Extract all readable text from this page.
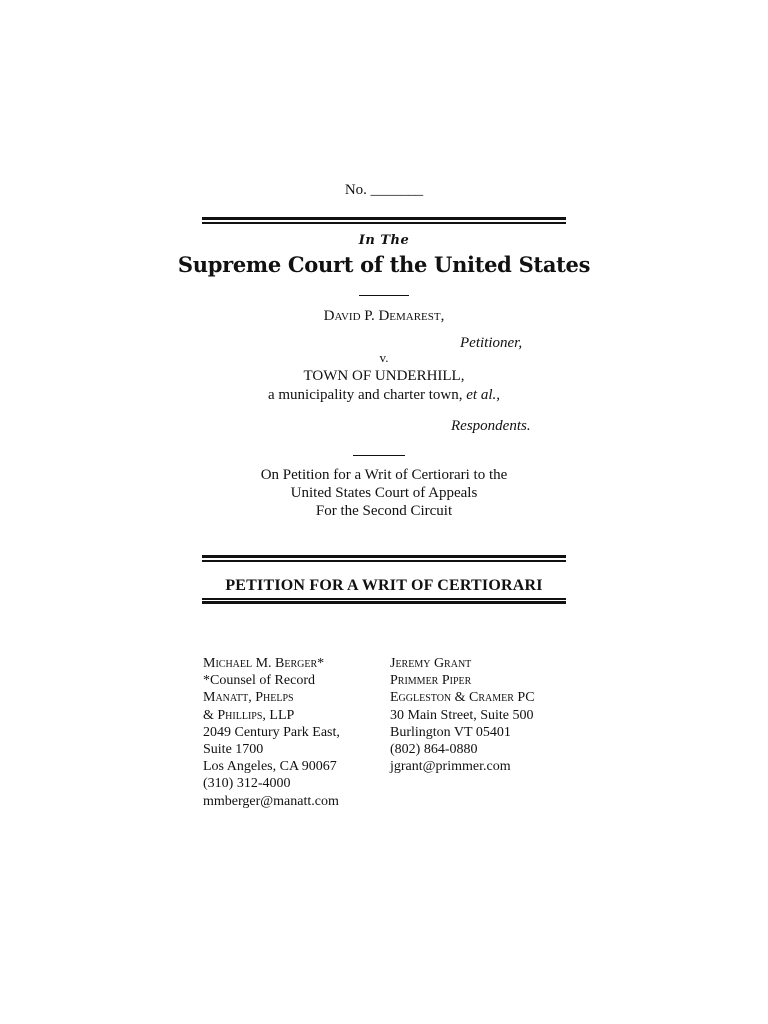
No. _______
In The
Supreme Court of the United States
David P. Demarest,
Petitioner,
v.
TOWN OF UNDERHILL,
a municipality and charter town, et al.,
Respondents.
On Petition for a Writ of Certiorari to the
United States Court of Appeals
For the Second Circuit
PETITION FOR A WRIT OF CERTIORARI
Michael M. Berger*
*Counsel of Record
Manatt, Phelps
& Phillips, LLP
2049 Century Park East,
Suite 1700
Los Angeles, CA 90067
(310) 312-4000
mmberger@manatt.com
Jeremy Grant
Primmer Piper
Eggleston & Cramer PC
30 Main Street, Suite 500
Burlington VT 05401
(802) 864-0880
jgrant@primmer.com
